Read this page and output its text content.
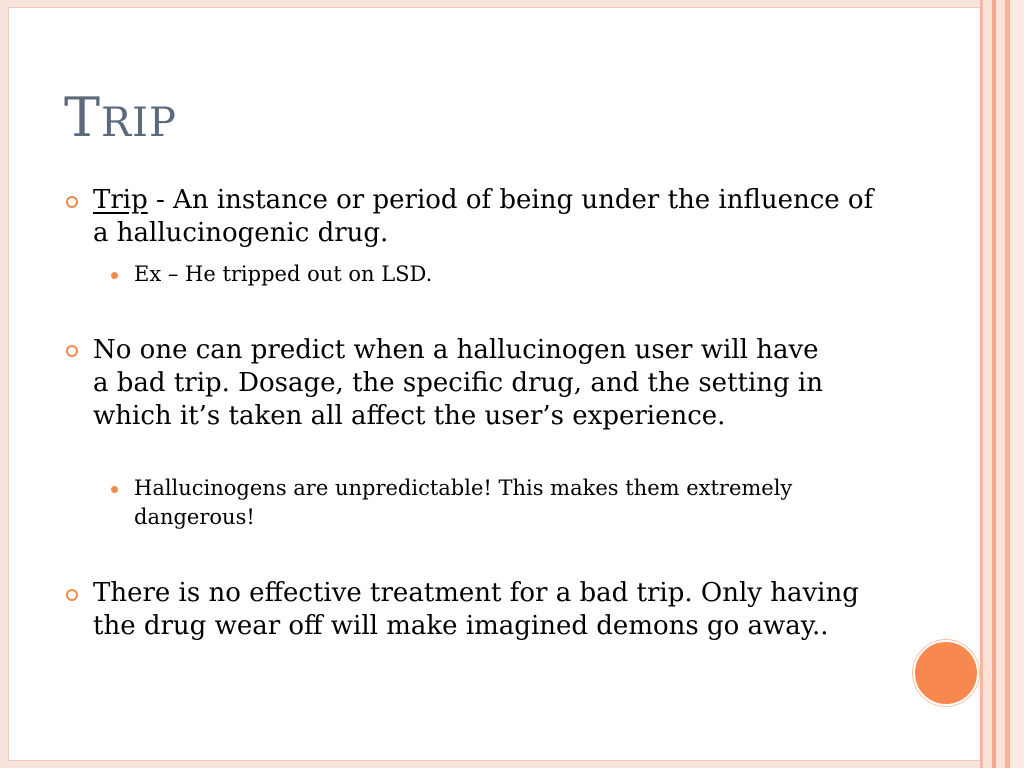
TRIP
Trip - An instance or period of being under the influence of a hallucinogenic drug.
Ex – He tripped out on LSD.
No one can predict when a hallucinogen user will have a bad trip. Dosage, the specific drug, and the setting in which it’s taken all affect the user’s experience.
Hallucinogens are unpredictable! This makes them extremely dangerous!
There is no effective treatment for a bad trip. Only having the drug wear off will make imagined demons go away..
